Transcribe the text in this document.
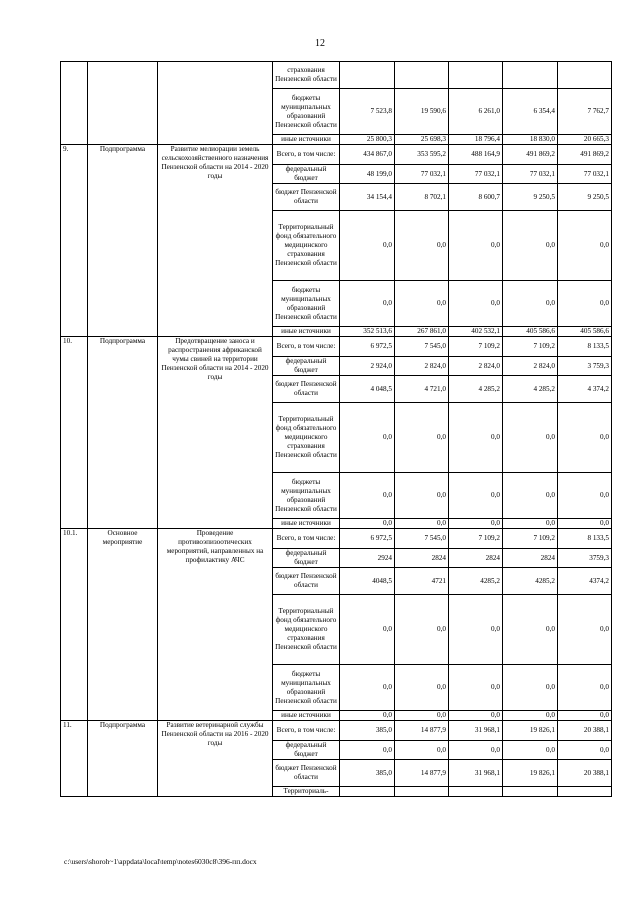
12
			страхования Пензенской области					
			бюджеты муниципальных образований Пензенской области	7 523,8	19 590,6	6 261,0	6 354,4	7 762,7
			иные источники	25 800,3	25 698,3	18 796,4	18 830,0	20 665,3
9.	Подпрограмма	Развитие мелиорации земель сельскохозяйственного назначения Пензенской области на 2014 - 2020 годы	Всего, в том числе:	434 867,0	353 595,2	488 164,9	491 869,2	491 869,2
			федеральный бюджет	48 199,0	77 032,1	77 032,1	77 032,1	77 032,1
			бюджет Пензенской области	34 154,4	8 702,1	8 600,7	9 250,5	9 250,5
			Территориальный фонд обязательного медицинского страхования Пензенской области	0,0	0,0	0,0	0,0	0,0
			бюджеты муниципальных образований Пензенской области	0,0	0,0	0,0	0,0	0,0
			иные источники	352 513,6	267 861,0	402 532,1	405 586,6	405 586,6
10.	Подпрограмма	Предотвращение заноса и распространения африканской чумы свиней на территории Пензенской области на 2014 - 2020 годы	Всего, в том числе:	6 972,5	7 545,0	7 109,2	7 109,2	8 133,5
			федеральный бюджет	2 924,0	2 824,0	2 824,0	2 824,0	3 759,3
			бюджет Пензенской области	4 048,5	4 721,0	4 285,2	4 285,2	4 374,2
			Территориальный фонд обязательного медицинского страхования Пензенской области	0,0	0,0	0,0	0,0	0,0
			бюджеты муниципальных образований Пензенской области	0,0	0,0	0,0	0,0	0,0
			иные источники	0,0	0,0	0,0	0,0	0,0
10.1.	Основное мероприятие	Проведение противоэпизоотических мероприятий, направленных на профилактику АЧС	Всего, в том числе:	6 972,5	7 545,0	7 109,2	7 109,2	8 133,5
			федеральный бюджет	2924	2824	2824	2824	3759,3
			бюджет Пензенской области	4048,5	4721	4285,2	4285,2	4374,2
			Территориальный фонд обязательного медицинского страхования Пензенской области	0,0	0,0	0,0	0,0	0,0
			бюджеты муниципальных образований Пензенской области	0,0	0,0	0,0	0,0	0,0
			иные источники	0,0	0,0	0,0	0,0	0,0
11.	Подпрограмма	Развитие ветеринарной службы Пензенской области на 2016 - 2020 годы	Всего, в том числе:	385,0	14 877,9	31 968,1	19 826,1	20 388,1
			федеральный бюджет	0,0	0,0	0,0	0,0	0,0
			бюджет Пензенской области	385,0	14 877,9	31 968,1	19 826,1	20 388,1
			Территориаль-					
c:\users\shoroh~1\appdata\local\temp\notes6030c8\396-пп.docx
